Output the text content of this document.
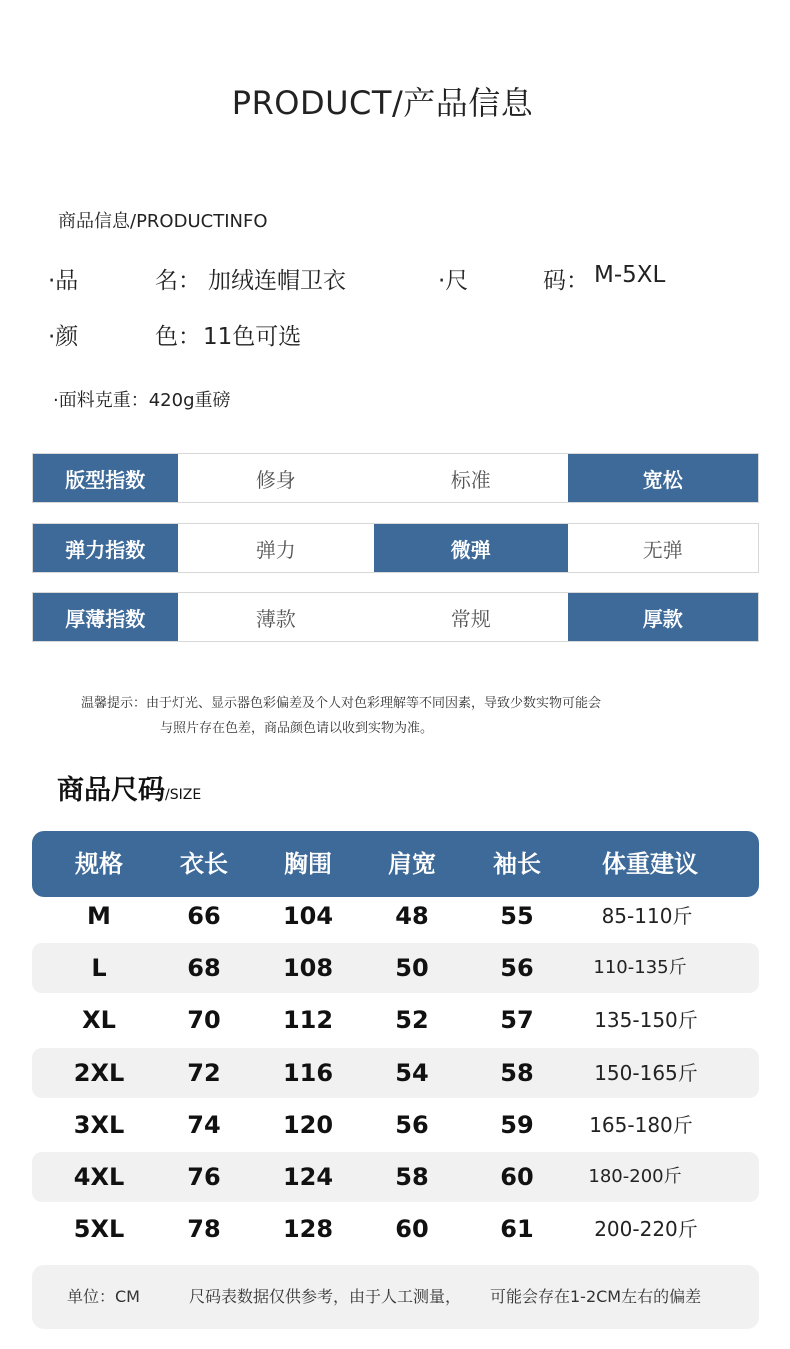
PRODUCT/产品信息
商品信息/PRODUCTINFO
·品	名： 加绒连帽卫衣	·尺	码： M-5XL
·颜	色： 11色可选
·面料克重：420g重磅
版型指数	修身	标准	宽松
弹力指数	弹力	微弹	无弹
厚薄指数	薄款	常规	厚款
温馨提示：由于灯光、显示器色彩偏差及个人对色彩理解等不同因素，导致少数实物可能会
与照片存在色差，商品颜色请以收到实物为准。
商品尺码/SIZE
规格 衣长 胸围 肩宽 袖长	体重建议
M	66	104	48	55	85-110斤
L	68	108	50	56	110-135斤
XL	70	112	52	57	135-150斤
2XL	72	116	54	58	150-165斤
3XL	74	120	56	59	165-180斤
4XL	76	124	58	60	180-200斤
5XL	78	128	60	61	200-220斤
单位：CM	尺码表数据仅供参考，由于人工测量， 可能会存在1-2CM左右的偏差
